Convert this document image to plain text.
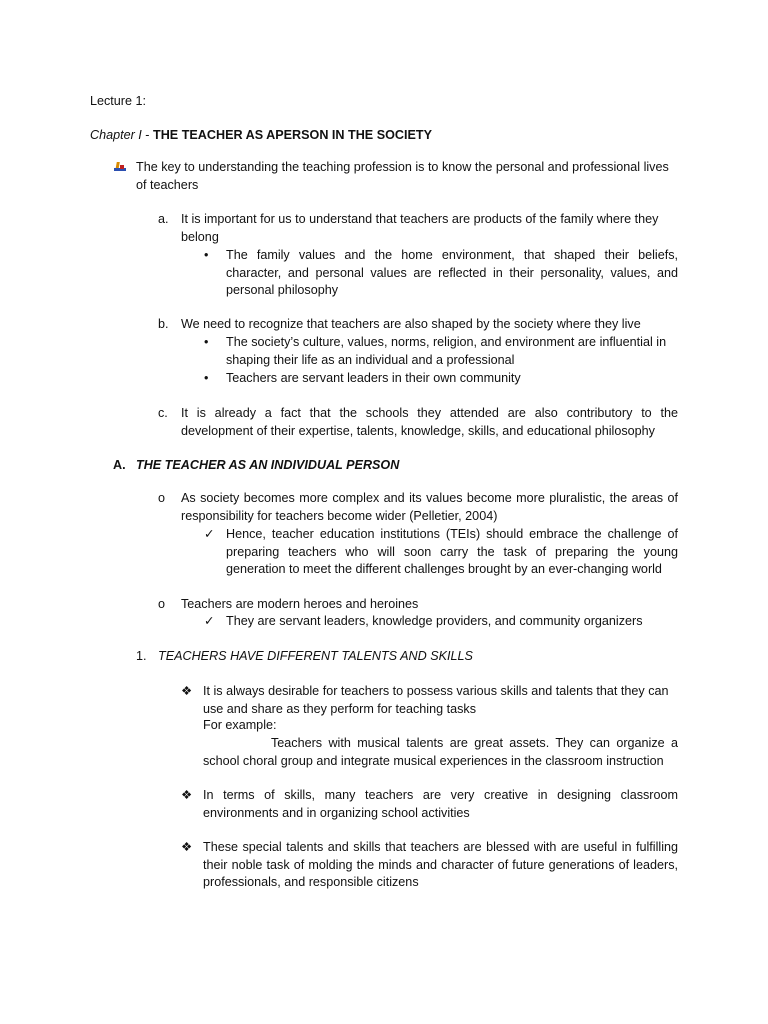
Lecture 1:

Chapter I - THE TEACHER AS APERSON IN THE SOCIETY

The key to understanding the teaching profession is to know the personal and professional lives of teachers

a. It is important for us to understand that teachers are products of the family where they belong

• The family values and the home environment, that shaped their beliefs, character, and personal values are reflected in their personality, values, and personal philosophy

b. We need to recognize that teachers are also shaped by the society where they live

• The society’s culture, values, norms, religion, and environment are influential in shaping their life as an individual and a professional

• Teachers are servant leaders in their own community

c. It is already a fact that the schools they attended are also contributory to the development of their expertise, talents, knowledge, skills, and educational philosophy

A. THE TEACHER AS AN INDIVIDUAL PERSON

o As society becomes more complex and its values become more pluralistic, the areas of responsibility for teachers become wider (Pelletier, 2004)

✓ Hence, teacher education institutions (TEIs) should embrace the challenge of preparing teachers who will soon carry the task of preparing the young generation to meet the different challenges brought by an ever-changing world

o Teachers are modern heroes and heroines

✓ They are servant leaders, knowledge providers, and community organizers

1. TEACHERS HAVE DIFFERENT TALENTS AND SKILLS

❖ It is always desirable for teachers to possess various skills and talents that they can use and share as they perform for teaching tasks

For example:

Teachers with musical talents are great assets. They can organize a school choral group and integrate musical experiences in the classroom instruction

❖ In terms of skills, many teachers are very creative in designing classroom environments and in organizing school activities

❖ These special talents and skills that teachers are blessed with are useful in fulfilling their noble task of molding the minds and character of future generations of leaders, professionals, and responsible citizens
